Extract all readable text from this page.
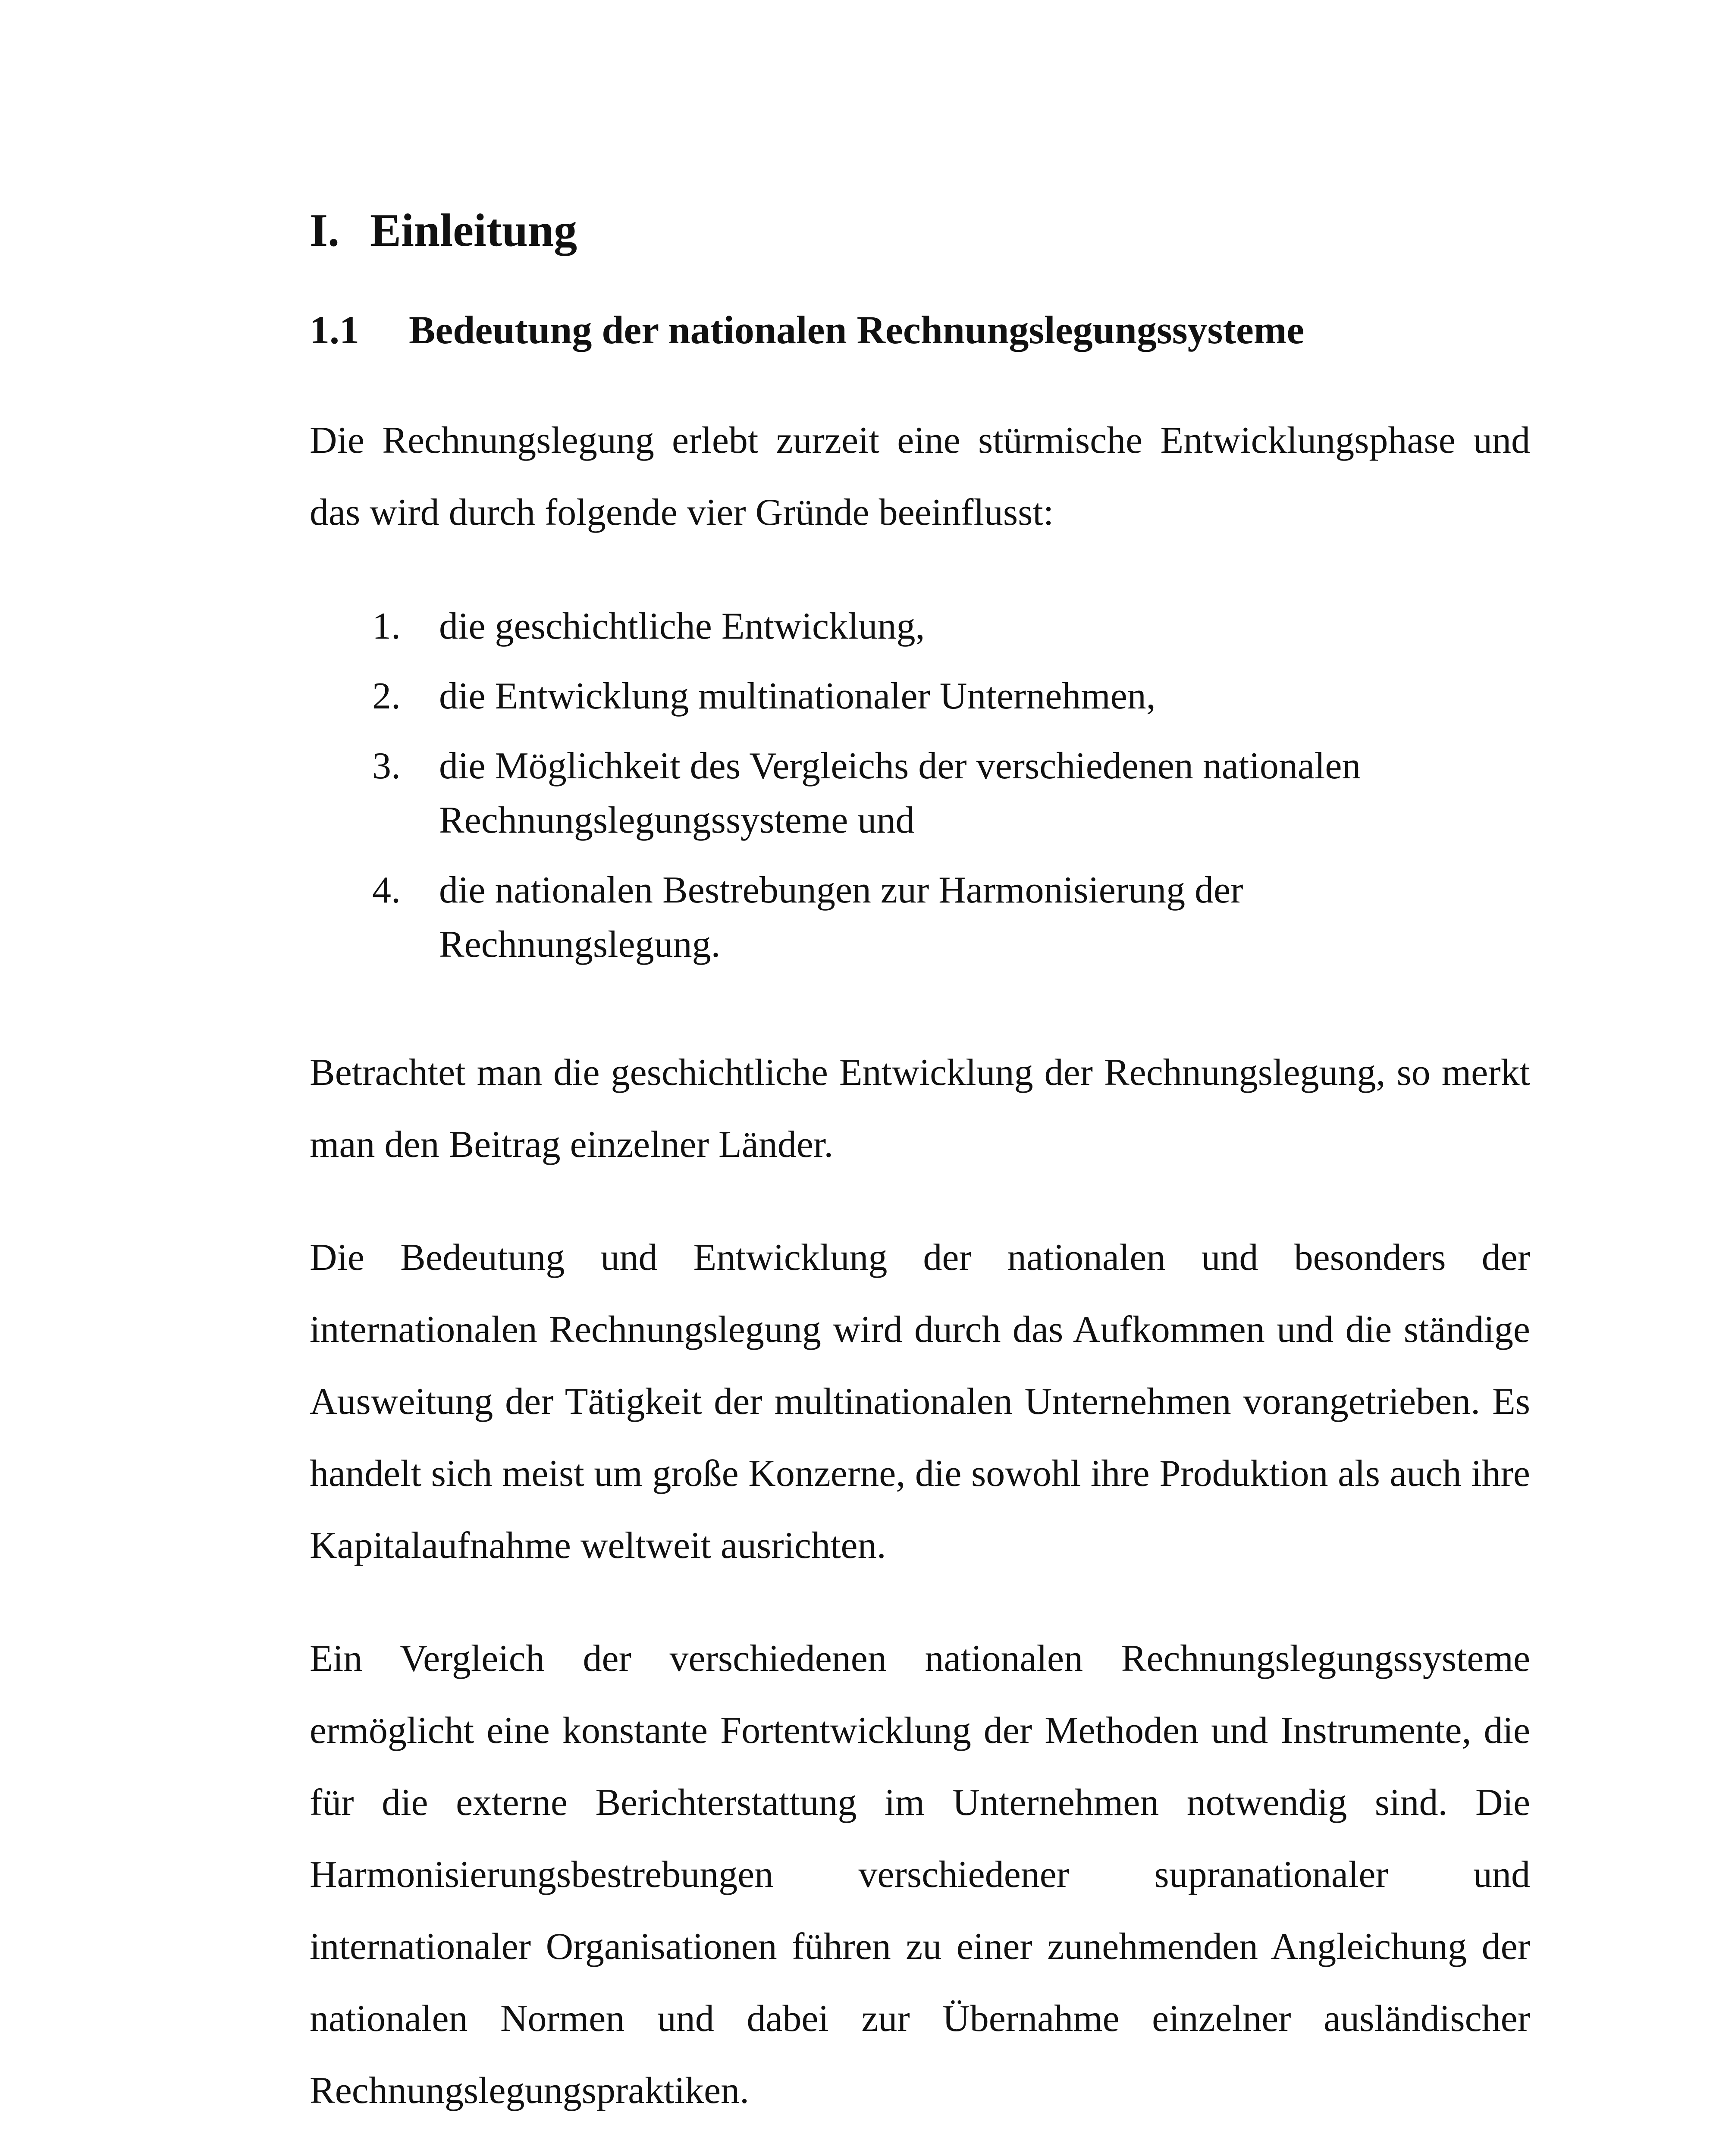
I. Einleitung
1.1 Bedeutung der nationalen Rechnungslegungssysteme

Die Rechnungslegung erlebt zurzeit eine stürmische Entwicklungsphase und das wird durch folgende vier Gründe beeinflusst:

1. die geschichtliche Entwicklung,
2. die Entwicklung multinationaler Unternehmen,
3. die Möglichkeit des Vergleichs der verschiedenen nationalen Rechnungslegungssysteme und
4. die nationalen Bestrebungen zur Harmonisierung der Rechnungslegung.

Betrachtet man die geschichtliche Entwicklung der Rechnungslegung, so merkt man den Beitrag einzelner Länder.

Die Bedeutung und Entwicklung der nationalen und besonders der internationalen Rechnungslegung wird durch das Aufkommen und die ständige Ausweitung der Tätigkeit der multinationalen Unternehmen vorangetrieben. Es handelt sich meist um große Konzerne, die sowohl ihre Produktion als auch ihre Kapitalaufnahme weltweit ausrichten.

Ein Vergleich der verschiedenen nationalen Rechnungslegungssysteme ermöglicht eine konstante Fortentwicklung der Methoden und Instrumente, die für die externe Berichterstattung im Unternehmen notwendig sind. Die Harmonisierungsbestrebungen verschiedener supranationaler und internationaler Organisationen führen zu einer zunehmenden Angleichung der nationalen Normen und dabei zur Übernahme einzelner ausländischer Rechnungslegungspraktiken.
